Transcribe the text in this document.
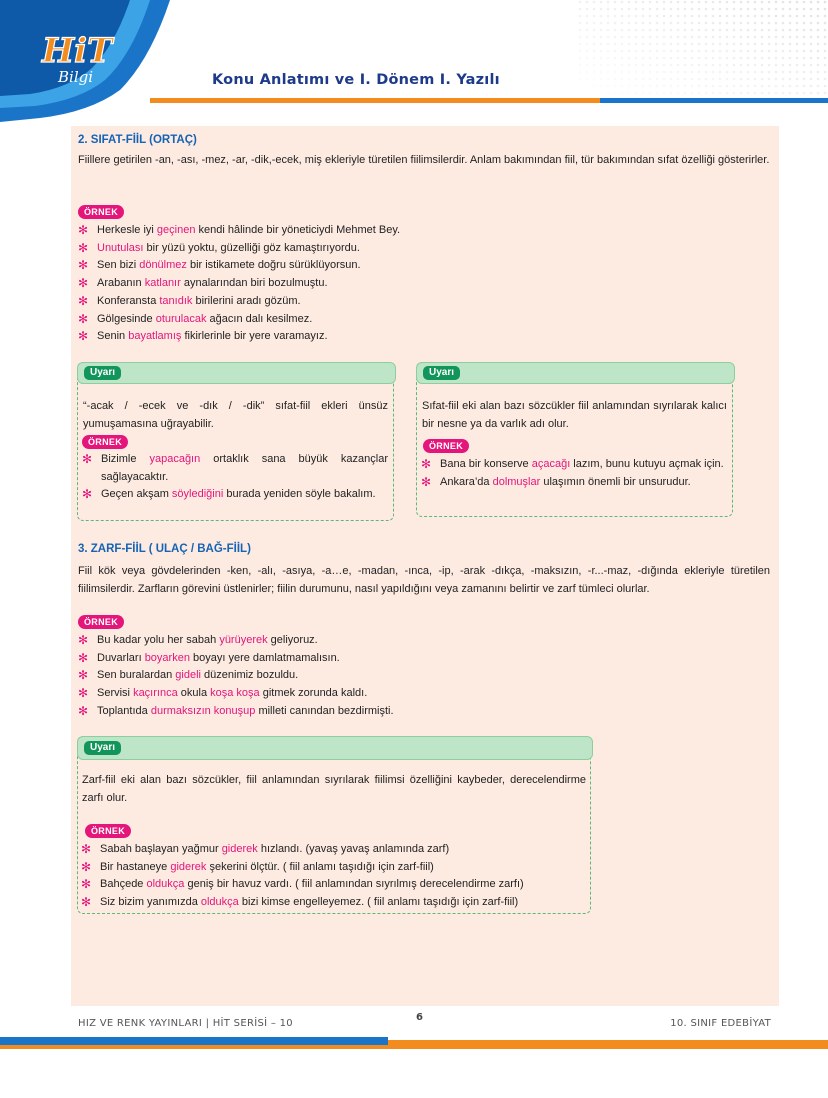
HiT
Bilgi	Konu Anlatımı ve I. Dönem I. Yazılı
2. SIFAT-FİİL (ORTAÇ)

Fiillere getirilen -an, -ası, -mez, -ar, -dik,-ecek, miş ekleriyle türetilen fiilimsilerdir. Anlam bakımından fiil, tür bakımından sıfat özelliği gösterirler.

ÖRNEK
✻ Herkesle iyi geçinen kendi hâlinde bir yöneticiydi Mehmet Bey.
✻ Unutulası bir yüzü yoktu, güzelliği göz kamaştırıyordu.
✻ Sen bizi dönülmez bir istikamete doğru sürüklüyorsun.
✻ Arabanın katlanır aynalarından biri bozulmuştu.
✻ Konferansta tanıdık birilerini aradı gözüm.
✻ Gölgesinde oturulacak ağacın dalı kesilmez.
✻ Senin bayatlamış fikirlerinle bir yere varamayız.
Uyarı

“-acak / -ecek ve -dık / -dik” sıfat-fiil ekleri ünsüz yumuşamasına uğrayabilir.

ÖRNEK
✻ Bizimle yapacağın ortaklık sana büyük kazançlar sağlayacaktır.
✻ Geçen akşam söylediğini burada yeniden söyle bakalım.
Uyarı

Sıfat-fiil eki alan bazı sözcükler fiil anlamından sıyrılarak kalıcı bir nesne ya da varlık adı olur.

ÖRNEK
✻ Bana bir konserve açacağı lazım, bunu kutuyu açmak için.
✻ Ankara’da dolmuşlar ulaşımın önemli bir unsurudur.
3. ZARF-FİİL ( ULAÇ / BAĞ-FİİL)

Fiil kök veya gövdelerinden -ken, -alı, -asıya, -a…e, -madan, -ınca, -ip, -arak -dıkça, -maksızın, -r...-maz, -dığında ekleriyle türetilen fiilimsilerdir. Zarfların görevini üstlenirler; fiilin durumunu, nasıl yapıldığını veya zamanını belirtir ve zarf tümleci olurlar.

ÖRNEK
✻ Bu kadar yolu her sabah yürüyerek geliyoruz.
✻ Duvarları boyarken boyayı yere damlatmamalısın.
✻ Sen buralardan gideli düzenimiz bozuldu.
✻ Servisi kaçırınca okula koşa koşa gitmek zorunda kaldı.
✻ Toplantıda durmaksızın konuşup milleti canından bezdirmişti.
Uyarı

Zarf-fiil eki alan bazı sözcükler, fiil anlamından sıyrılarak fiilimsi özelliğini kaybeder, derecelendirme zarfı olur.

ÖRNEK
✻ Sabah başlayan yağmur giderek hızlandı. (yavaş yavaş anlamında zarf)
✻ Bir hastaneye giderek şekerini ölçtür. ( fiil anlamı taşıdığı için zarf-fiil)
✻ Bahçede oldukça geniş bir havuz vardı. ( fiil anlamından sıyrılmış derecelendirme zarfı)
✻ Siz bizim yanımızda oldukça bizi kimse engelleyemez. ( fiil anlamı taşıdığı için zarf-fiil)
HIZ VE RENK YAYINLARI | HİT SERİSİ – 10
6
10. SINIF EDEBİYAT
